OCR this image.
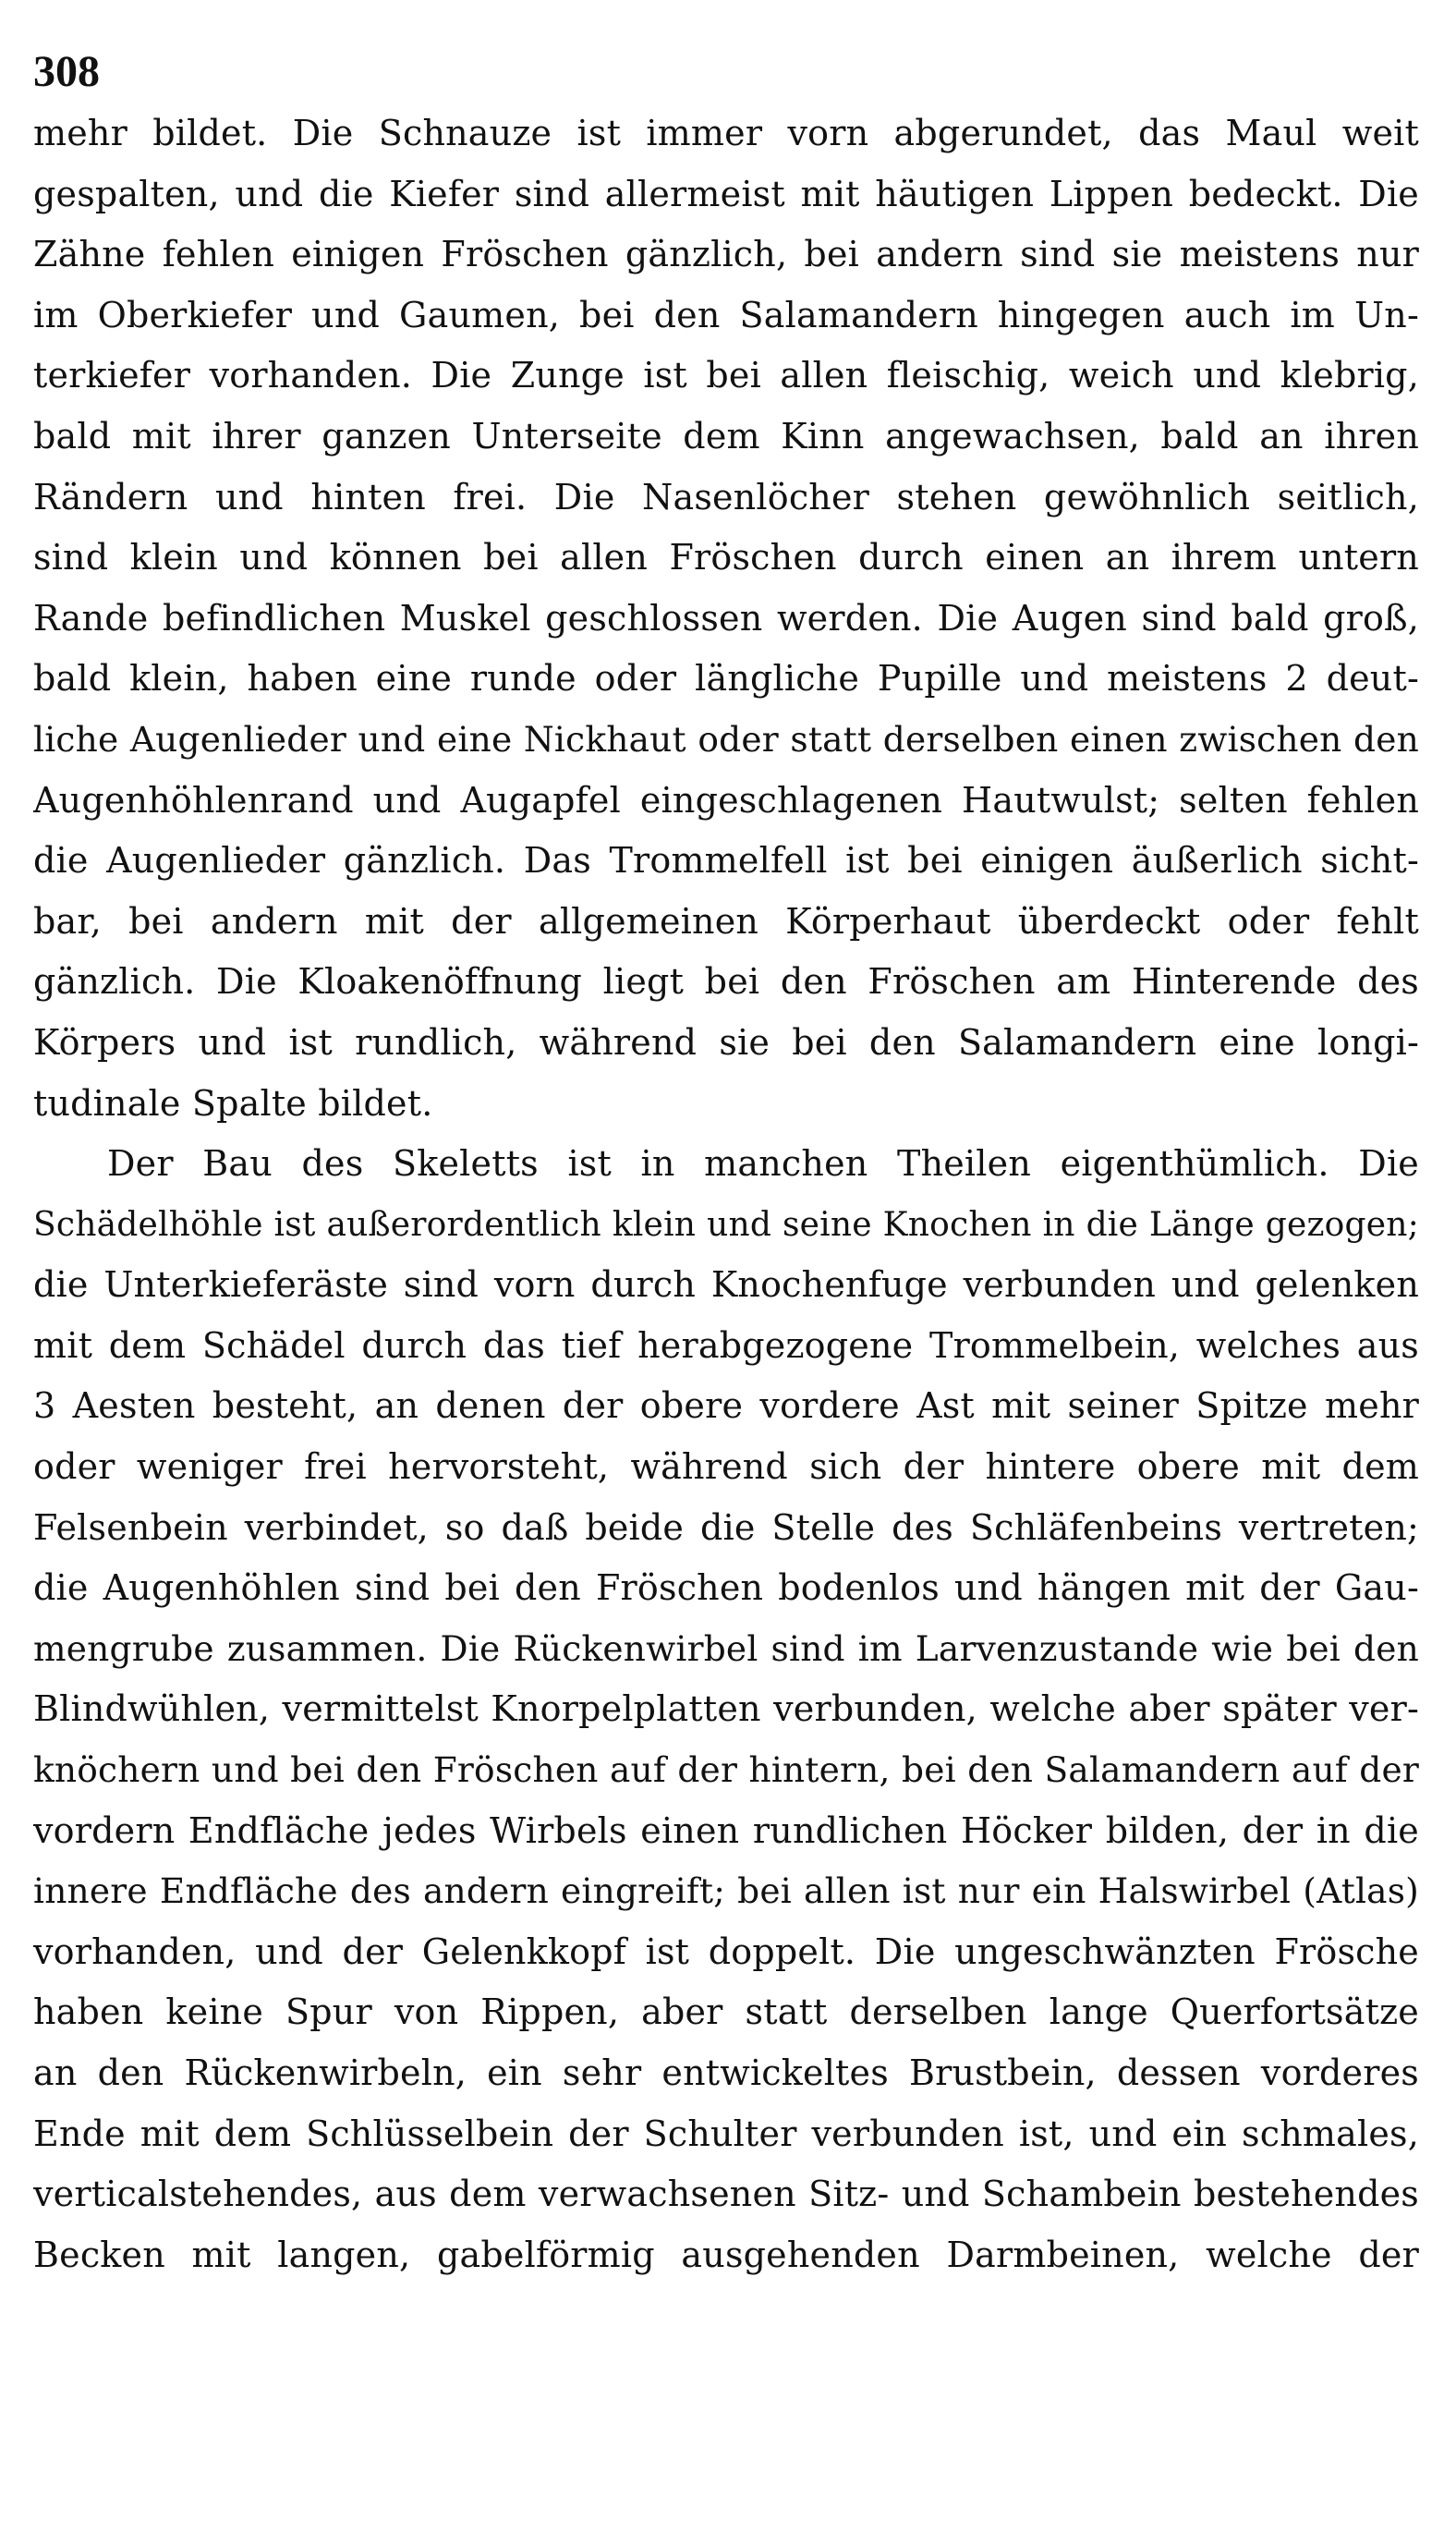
308
mehr bildet. Die Schnauze ist immer vorn abgerundet, das Maul weit
gespalten, und die Kiefer sind allermeist mit häutigen Lippen bedeckt. Die
Zähne fehlen einigen Fröschen gänzlich, bei andern sind sie meistens nur
im Oberkiefer und Gaumen, bei den Salamandern hingegen auch im Un-
terkiefer vorhanden. Die Zunge ist bei allen fleischig, weich und klebrig,
bald mit ihrer ganzen Unterseite dem Kinn angewachsen, bald an ihren
Rändern und hinten frei. Die Nasenlöcher stehen gewöhnlich seitlich,
sind klein und können bei allen Fröschen durch einen an ihrem untern
Rande befindlichen Muskel geschlossen werden. Die Augen sind bald groß,
bald klein, haben eine runde oder längliche Pupille und meistens 2 deut-
liche Augenlieder und eine Nickhaut oder statt derselben einen zwischen den
Augenhöhlenrand und Augapfel eingeschlagenen Hautwulst; selten fehlen
die Augenlieder gänzlich. Das Trommelfell ist bei einigen äußerlich sicht-
bar, bei andern mit der allgemeinen Körperhaut überdeckt oder fehlt
gänzlich. Die Kloakenöffnung liegt bei den Fröschen am Hinterende des
Körpers und ist rundlich, während sie bei den Salamandern eine longi-
tudinale Spalte bildet.
Der Bau des Skeletts ist in manchen Theilen eigenthümlich. Die
Schädelhöhle ist außerordentlich klein und seine Knochen in die Länge gezogen;
die Unterkieferäste sind vorn durch Knochenfuge verbunden und gelenken
mit dem Schädel durch das tief herabgezogene Trommelbein, welches aus
3 Aesten besteht, an denen der obere vordere Ast mit seiner Spitze mehr
oder weniger frei hervorsteht, während sich der hintere obere mit dem
Felsenbein verbindet, so daß beide die Stelle des Schläfenbeins vertreten;
die Augenhöhlen sind bei den Fröschen bodenlos und hängen mit der Gau-
mengrube zusammen. Die Rückenwirbel sind im Larvenzustande wie bei den
Blindwühlen, vermittelst Knorpelplatten verbunden, welche aber später ver-
knöchern und bei den Fröschen auf der hintern, bei den Salamandern auf der
vordern Endfläche jedes Wirbels einen rundlichen Höcker bilden, der in die
innere Endfläche des andern eingreift; bei allen ist nur ein Halswirbel (Atlas)
vorhanden, und der Gelenkkopf ist doppelt. Die ungeschwänzten Frösche
haben keine Spur von Rippen, aber statt derselben lange Querfortsätze
an den Rückenwirbeln, ein sehr entwickeltes Brustbein, dessen vorderes
Ende mit dem Schlüsselbein der Schulter verbunden ist, und ein schmales,
verticalstehendes, aus dem verwachsenen Sitz- und Schambein bestehendes
Becken mit langen, gabelförmig ausgehenden Darmbeinen, welche der
